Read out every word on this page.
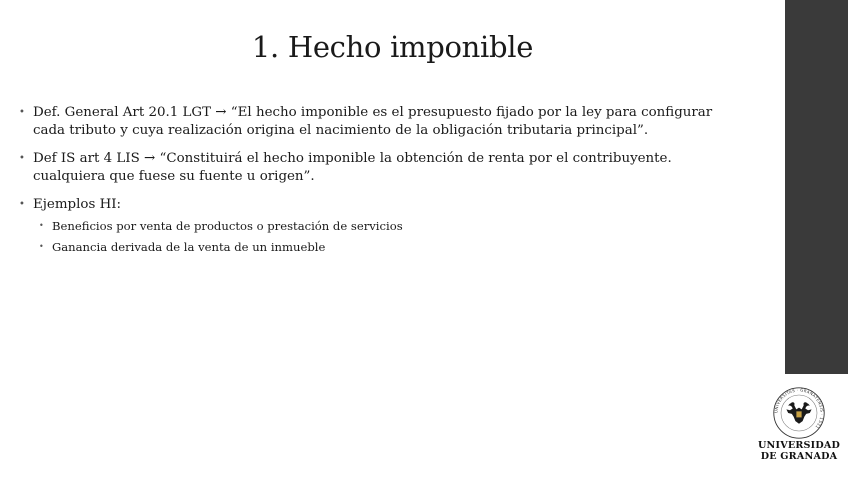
1. Hecho imponible

• Def. General Art 20.1 LGT → “El hecho imponible es el presupuesto fijado por la ley para configurar cada tributo y cuya realización origina el nacimiento de la obligación tributaria principal”.

• Def IS art 4 LIS → “Constituirá el hecho imponible la obtención de renta por el contribuyente. cualquiera que fuese su fuente u origen”.

• Ejemplos HI:

• Beneficios por venta de productos o prestación de servicios

• Ganancia derivada de la venta de un inmueble

UNIVERSITAS · GRANATENSIS · 1531
UNIVERSIDAD
DE GRANADA
